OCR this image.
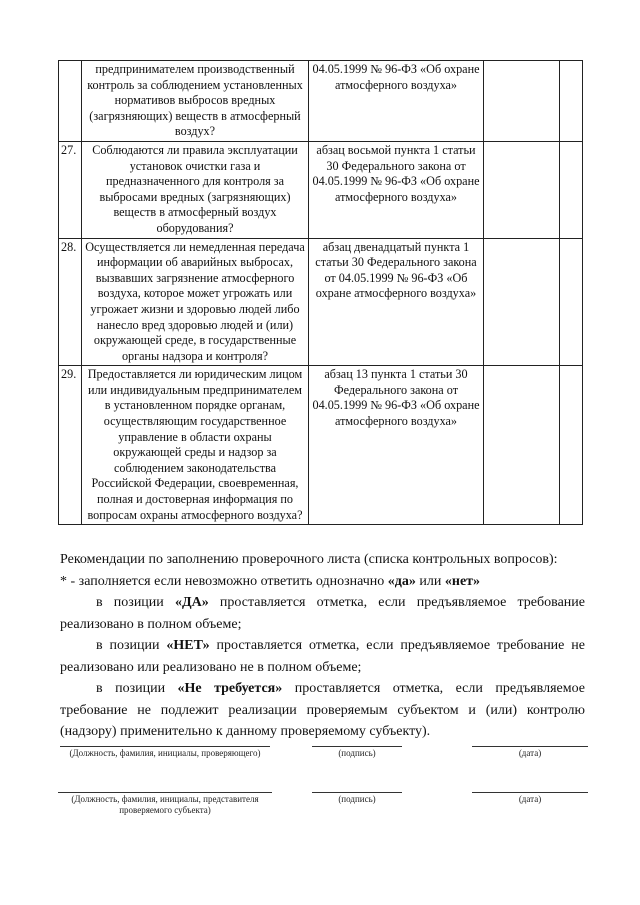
	предпринимателем производственный контроль за соблюдением установленных нормативов выбросов вредных (загрязняющих) веществ в атмосферный воздух?	04.05.1999 № 96-ФЗ «Об охране атмосферного воздуха»		
27.	Соблюдаются ли правила эксплуатации установок очистки газа и предназначенного для контроля за выбросами вредных (загрязняющих) веществ в атмосферный воздух оборудования?	абзац восьмой пункта 1 статьи 30 Федерального закона от 04.05.1999 № 96-ФЗ «Об охране атмосферного воздуха»		
28.	Осуществляется ли немедленная передача информации об аварийных выбросах, вызвавших загрязнение атмосферного воздуха, которое может угрожать или угрожает жизни и здоровью людей либо нанесло вред здоровью людей и (или) окружающей среде, в государственные органы надзора и контроля?	абзац двенадцатый пункта 1 статьи 30 Федерального закона от 04.05.1999 № 96-ФЗ «Об охране атмосферного воздуха»		
29.	Предоставляется ли юридическим лицом или индивидуальным предпринимателем в установленном порядке органам, осуществляющим государственное управление в области охраны окружающей среды и надзор за соблюдением законодательства Российской Федерации, своевременная, полная и достоверная информация по вопросам охраны атмосферного воздуха?	абзац 13 пункта 1 статьи 30 Федерального закона от 04.05.1999 № 96-ФЗ «Об охране атмосферного воздуха»		

Рекомендации по заполнению проверочного листа (списка контрольных вопросов):

* - заполняется если невозможно ответить однозначно «да» или «нет»

в позиции «ДА» проставляется отметка, если предъявляемое требование реализовано в полном объеме;

в позиции «НЕТ» проставляется отметка, если предъявляемое требование не реализовано или реализовано не в полном объеме;

в позиции «Не требуется» проставляется отметка, если предъявляемое требование не подлежит реализации проверяемым субъектом и (или) контролю (надзору) применительно к данному проверяемому субъекту).

(Должность, фамилия, инициалы, проверяющего)	(подпись)	(дата)
(Должность, фамилия, инициалы, представителя проверяемого субъекта)
(подпись)	(дата)
